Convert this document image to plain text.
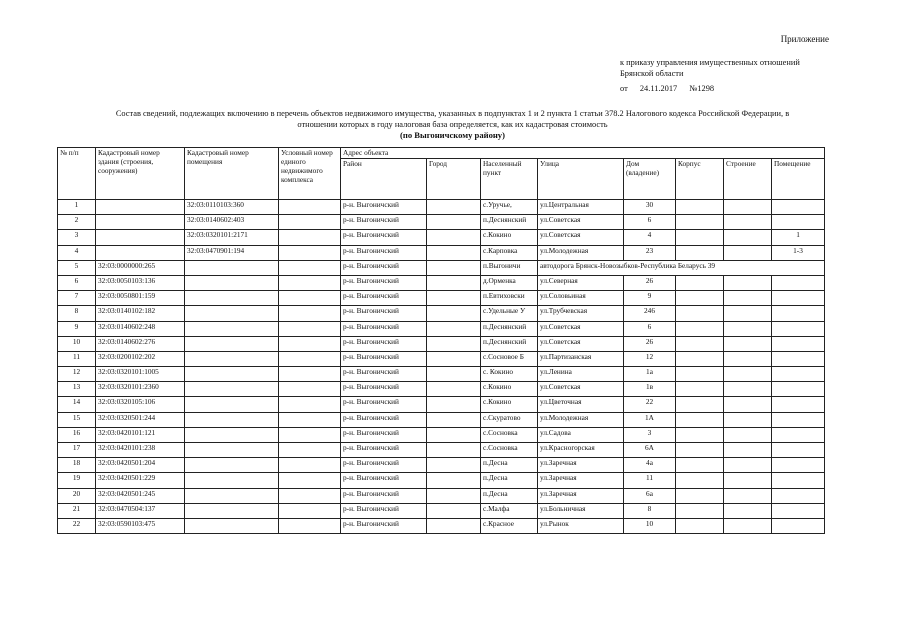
Приложение
к приказу управления имущественных отношений Брянской области
от 24.11.2017 №1298
Состав сведений, подлежащих включению в перечень объектов недвижимого имущества, указанных в подпунктах 1 и 2 пункта 1 статьи 378.2 Налогового кодекса Российской Федерации, в отношении которых в году налоговая база определяется, как их кадастровая стоимость
(по Выгоничскому району)
№ п/п	Кадастровый номер здания (строения, сооружения)	Кадастровый номер помещения	Условный номер единого недвижимого комплекса	Адрес объекта							
				Район	Город	Населенный пункт	Улица	Дом (владение)	Корпус	Строение	Помещение
1		32:03:0110103:360		р-н. Выгоничский		с.Уручье,	ул.Центральная	30			
2		32:03:0140602:403		р-н. Выгоничский		п.Деснянский	ул.Советская	6			
3		32:03:0320101:2171		р-н. Выгоничский		с.Кокино	ул.Советская	4			1
4		32:03:0470901:194		р-н. Выгоничский		с.Карповка	ул.Молодежная	23			1-3
5	32:03:0000000:265			р-н. Выгоничский		п.Выгоничи	автодорога Брянск-Новозыбков-Республика Беларусь 39				
6	32:03:0050103:136			р-н. Выгоничский		д.Орменка	ул.Северная	26			
7	32:03:0050801:159			р-н. Выгоничский		п.Евтиховски	ул.Соловьиная	9			
8	32:03:0140102:182			р-н. Выгоничский		с.Удельные У	ул.Трубчевская	246			
9	32:03:0140602:248			р-н. Выгоничский		п.Деснянский	ул.Советская	6			
10	32:03:0140602:276			р-н. Выгоничский		п.Деснянский	ул.Советская	26			
11	32:03:0200102:202			р-н. Выгоничский		с.Сосновое Б	ул.Партизанская	12			
12	32:03:0320101:1005			р-н. Выгоничский		с. Кокино	ул.Ленина	1а			
13	32:03:0320101:2360			р-н. Выгоничский		с.Кокино	ул.Советская	1в			
14	32:03:0320105:106			р-н. Выгоничский		с.Кокино	ул.Цветочная	22			
15	32:03:0320501:244			р-н. Выгоничский		с.Скуратово	ул.Молодежная	1А			
16	32:03:0420101:121			р-н. Выгоничский		с.Сосновка	ул.Садова	3			
17	32:03:0420101:238			р-н. Выгоничский		с.Сосновка	ул.Красногорская	6А			
18	32:03:0420501:204			р-н. Выгоничский		п.Десна	ул.Заречная	4а			
19	32:03:0420501:229			р-н. Выгоничский		п.Десна	ул.Заречная	11			
20	32:03:0420501:245			р-н. Выгоничский		п.Десна	ул.Заречная	6а			
21	32:03:0470504:137			р-н. Выгоничский		с.Малфа	ул.Больничная	8			
22	32:03:0590103:475			р-н. Выгоничский		с.Красное	ул.Рынок	10			
